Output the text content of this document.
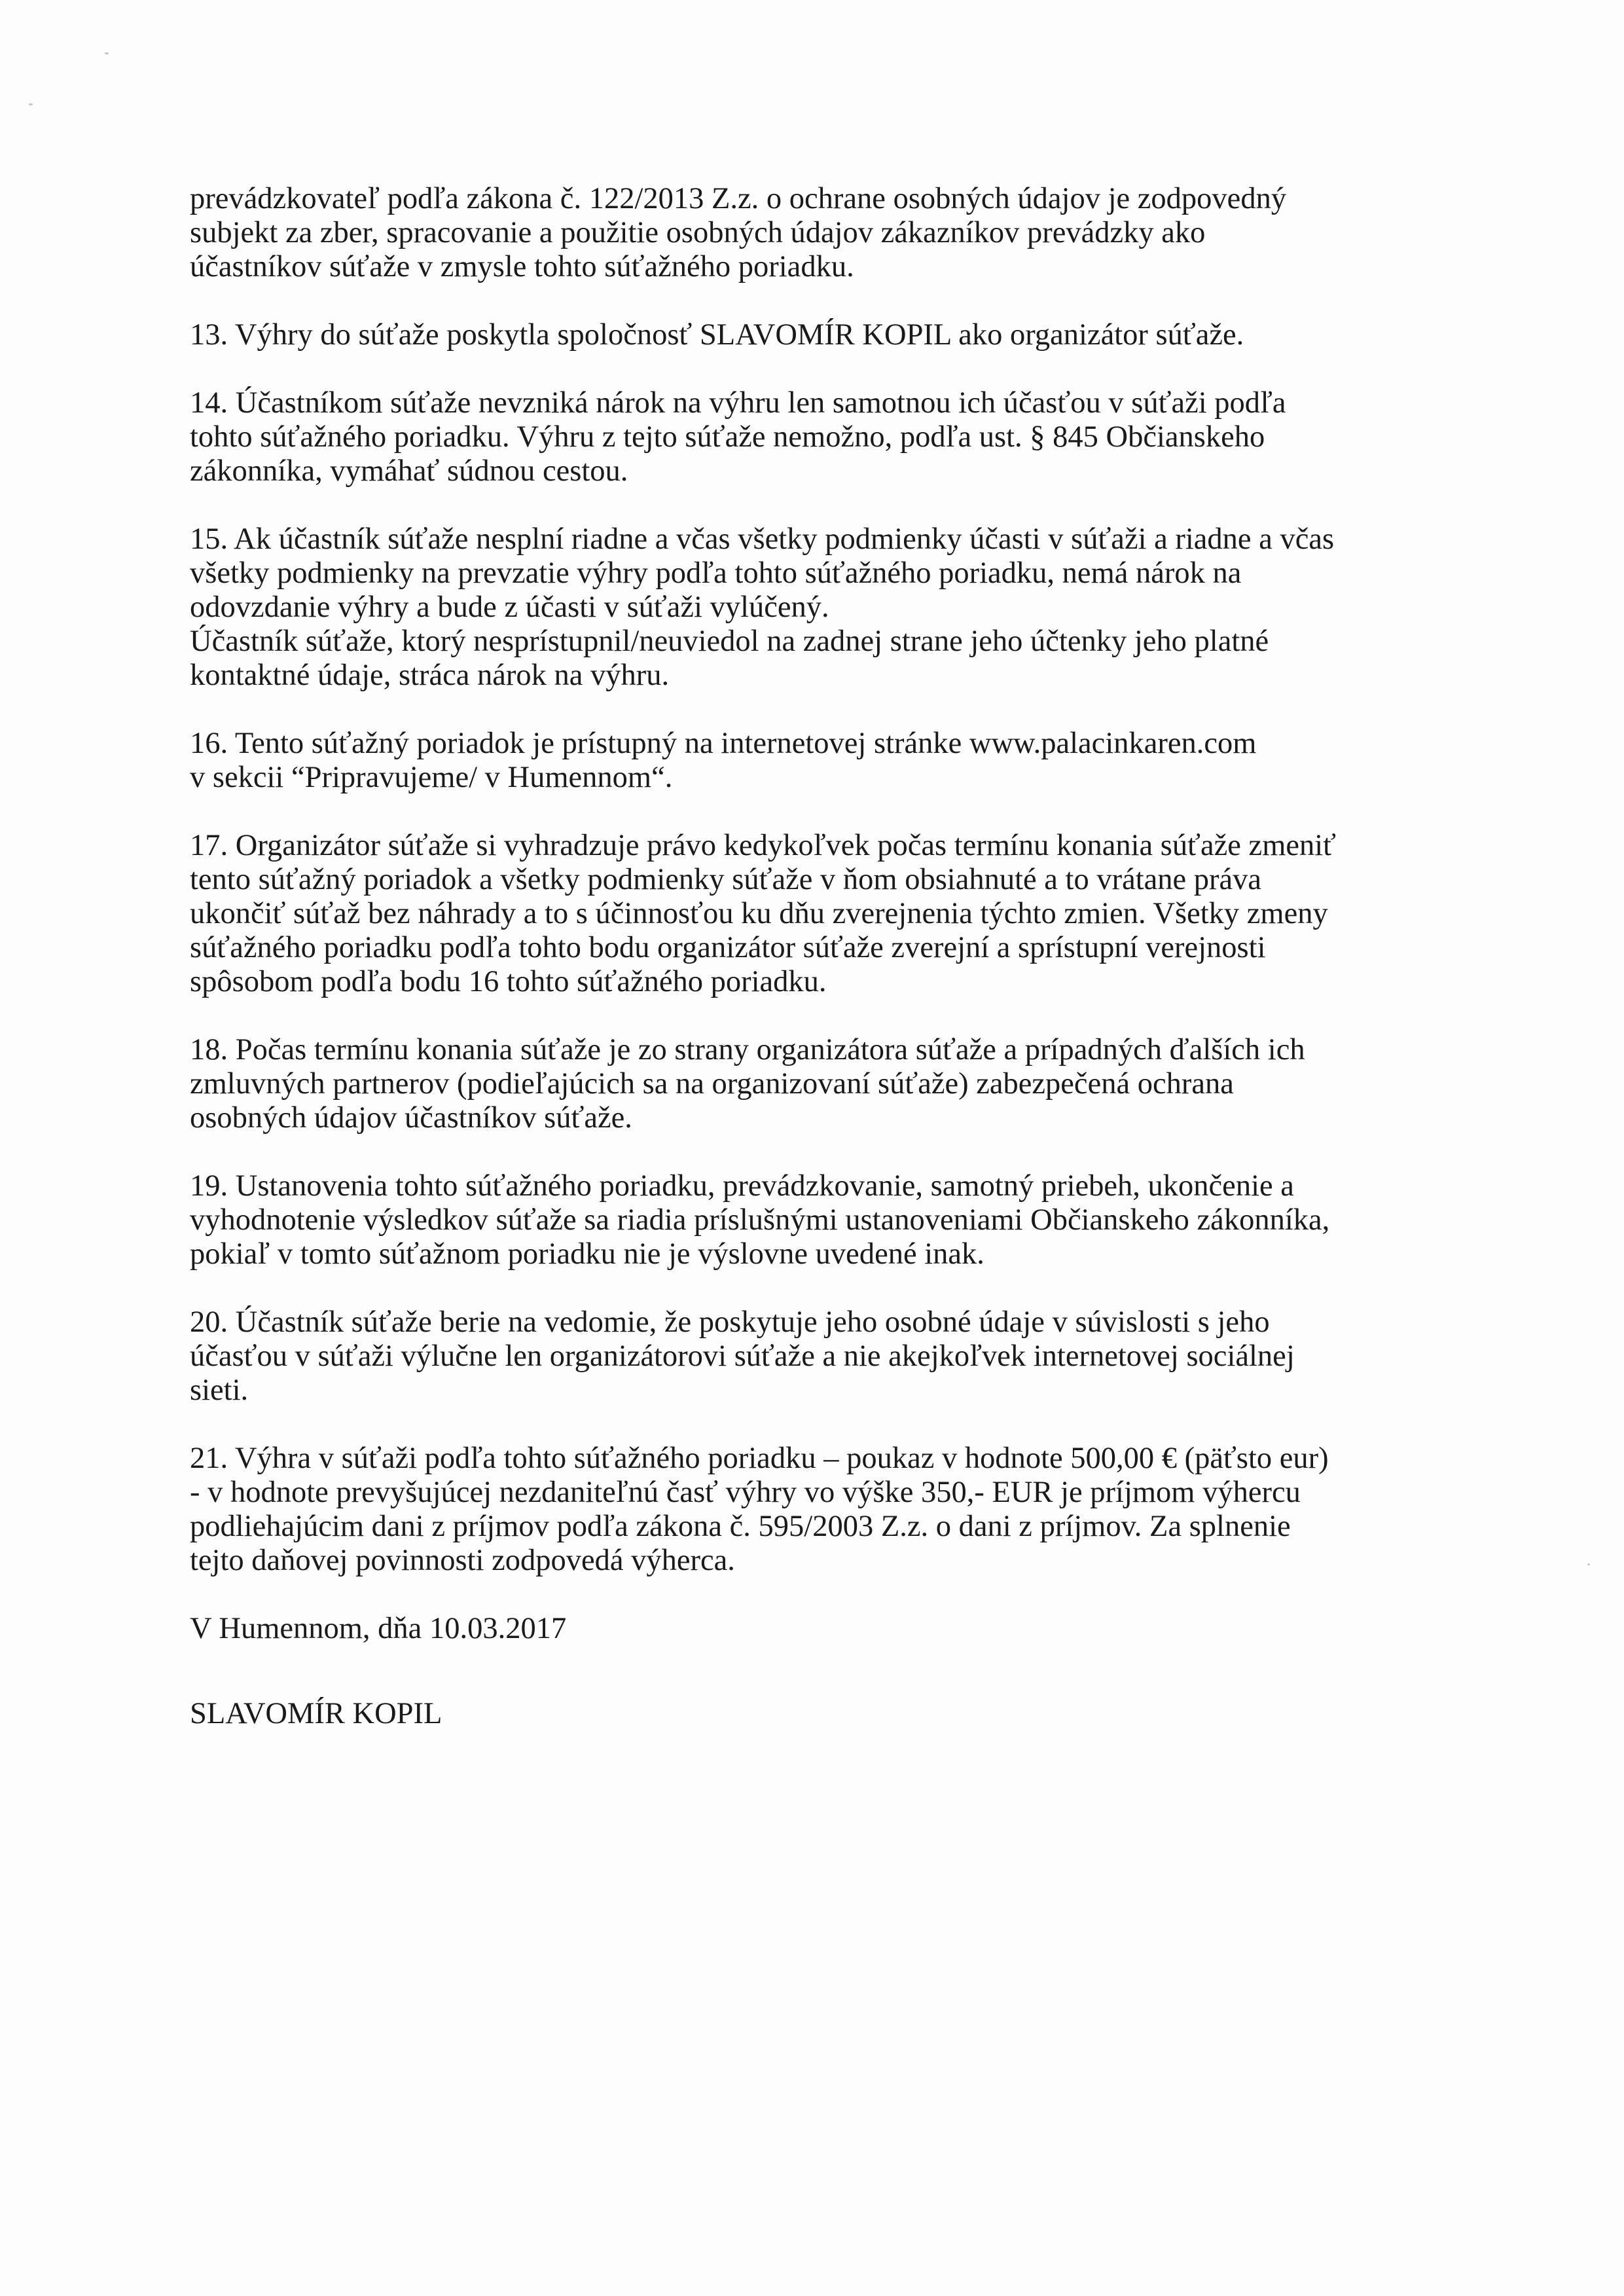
prevádzkovateľ podľa zákona č. 122/2013 Z.z. o ochrane osobných údajov je zodpovedný
subjekt za zber, spracovanie a použitie osobných údajov zákazníkov prevádzky ako
účastníkov súťaže v zmysle tohto súťažného poriadku.
13. Výhry do súťaže poskytla spoločnosť SLAVOMÍR KOPIL ako organizátor súťaže.
14. Účastníkom súťaže nevzniká nárok na výhru len samotnou ich účasťou v súťaži podľa
tohto súťažného poriadku. Výhru z tejto súťaže nemožno, podľa ust. § 845 Občianskeho
zákonníka, vymáhať súdnou cestou.
15. Ak účastník súťaže nesplní riadne a včas všetky podmienky účasti v súťaži a riadne a včas
všetky podmienky na prevzatie výhry podľa tohto súťažného poriadku, nemá nárok na
odovzdanie výhry a bude z účasti v súťaži vylúčený.
Účastník súťaže, ktorý nesprístupnil/neuviedol na zadnej strane jeho účtenky jeho platné
kontaktné údaje, stráca nárok na výhru.
16. Tento súťažný poriadok je prístupný na internetovej stránke www.palacinkaren.com
v sekcii “Pripravujeme/ v Humennom“.
17. Organizátor súťaže si vyhradzuje právo kedykoľvek počas termínu konania súťaže zmeniť
tento súťažný poriadok a všetky podmienky súťaže v ňom obsiahnuté a to vrátane práva
ukončiť súťaž bez náhrady a to s účinnosťou ku dňu zverejnenia týchto zmien. Všetky zmeny
súťažného poriadku podľa tohto bodu organizátor súťaže zverejní a sprístupní verejnosti
spôsobom podľa bodu 16 tohto súťažného poriadku.
18. Počas termínu konania súťaže je zo strany organizátora súťaže a prípadných ďalších ich
zmluvných partnerov (podieľajúcich sa na organizovaní súťaže) zabezpečená ochrana
osobných údajov účastníkov súťaže.
19. Ustanovenia tohto súťažného poriadku, prevádzkovanie, samotný priebeh, ukončenie a
vyhodnotenie výsledkov súťaže sa riadia príslušnými ustanoveniami Občianskeho zákonníka,
pokiaľ v tomto súťažnom poriadku nie je výslovne uvedené inak.
20. Účastník súťaže berie na vedomie, že poskytuje jeho osobné údaje v súvislosti s jeho
účasťou v súťaži výlučne len organizátorovi súťaže a nie akejkoľvek internetovej sociálnej
sieti.
21. Výhra v súťaži podľa tohto súťažného poriadku – poukaz v hodnote 500,00 € (päťsto eur)
- v hodnote prevyšujúcej nezdaniteľnú časť výhry vo výške 350,- EUR je príjmom výhercu
podliehajúcim dani z príjmov podľa zákona č. 595/2003 Z.z. o dani z príjmov. Za splnenie
tejto daňovej povinnosti zodpovedá výherca.
V Humennom, dňa 10.03.2017
SLAVOMÍR KOPIL
